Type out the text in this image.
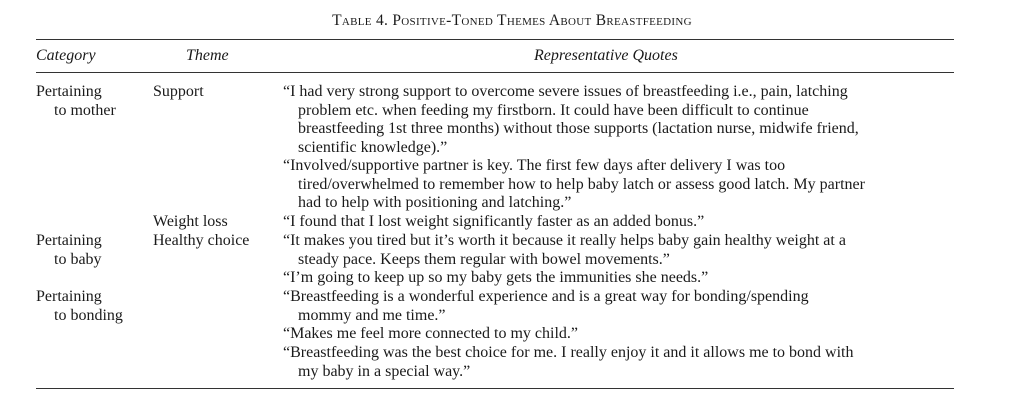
Table 4. Positive-Toned Themes About Breastfeeding
Category	Theme	Representative Quotes
Pertaining
to mother
Pertaining
to baby
Pertaining
to bonding
Support
Weight loss
Healthy choice
“I had very strong support to overcome severe issues of breastfeeding i.e., pain, latching
problem etc. when feeding my firstborn. It could have been difficult to continue
breastfeeding 1st three months) without those supports (lactation nurse, midwife friend,
scientific knowledge).”
“Involved/supportive partner is key. The first few days after delivery I was too
tired/overwhelmed to remember how to help baby latch or assess good latch. My partner
had to help with positioning and latching.”
“I found that I lost weight significantly faster as an added bonus.”
“It makes you tired but it’s worth it because it really helps baby gain healthy weight at a
steady pace. Keeps them regular with bowel movements.”
“I’m going to keep up so my baby gets the immunities she needs.”
“Breastfeeding is a wonderful experience and is a great way for bonding/spending
mommy and me time.”
“Makes me feel more connected to my child.”
“Breastfeeding was the best choice for me. I really enjoy it and it allows me to bond with
my baby in a special way.”
